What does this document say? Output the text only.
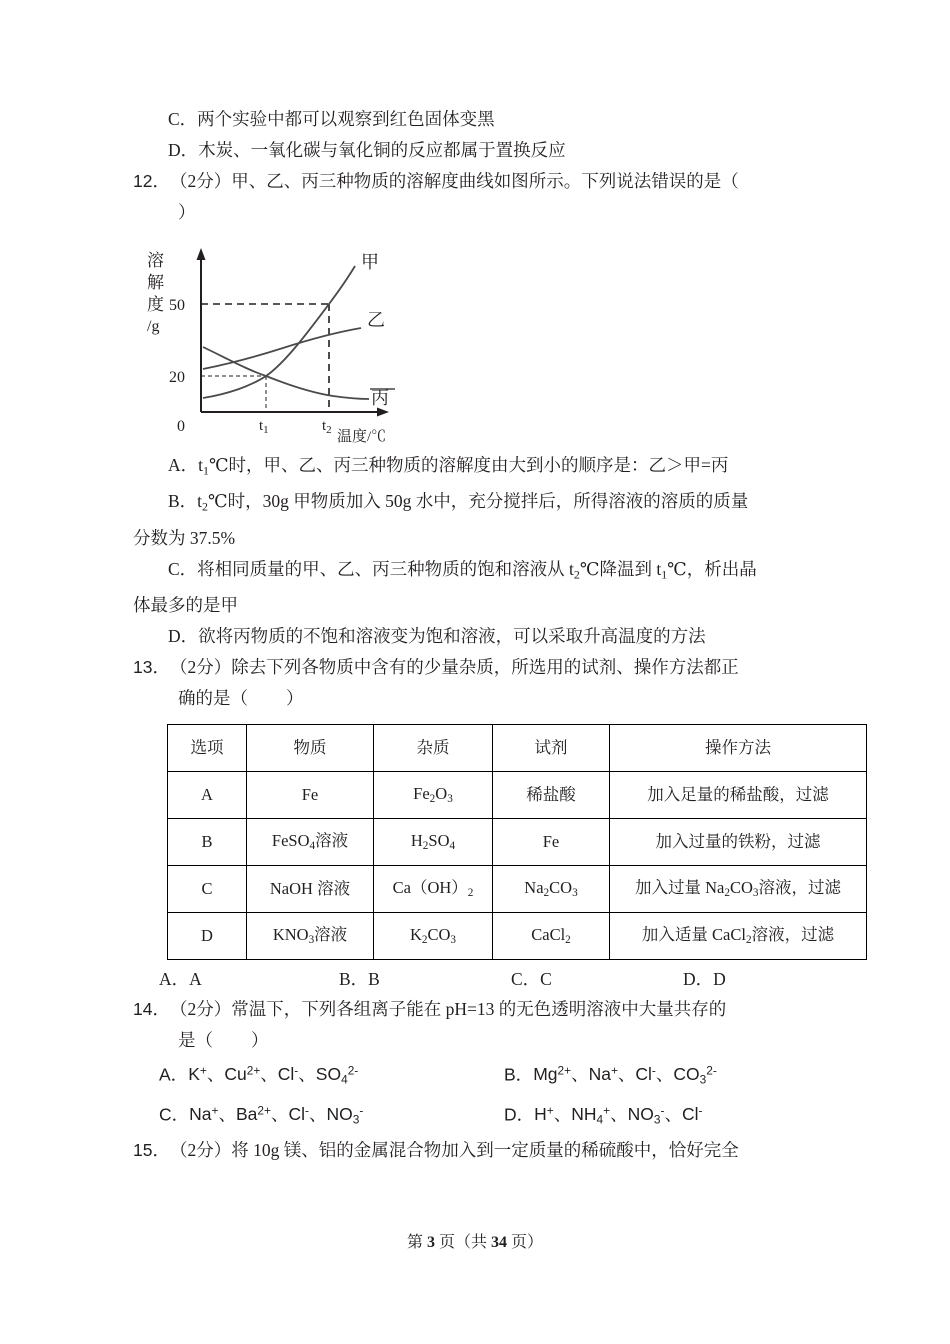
C．两个实验中都可以观察到红色固体变黑
D．木炭、一氧化碳与氧化铜的反应都属于置换反应
12．（2分）甲、乙、丙三种物质的溶解度曲线如图所示。下列说法错误的是（
）
溶
解
度
/g
50
20
0
甲
乙
丙
$t_1$	$t_2$ 温度/℃
A．$t_1℃$时，甲、乙、丙三种物质的溶解度由大到小的顺序是：乙＞甲=丙
B．$t_2℃$时，30g 甲物质加入 50g 水中，充分搅拌后，所得溶液的溶质的质量
分数为 37.5%
C．将相同质量的甲、乙、丙三种物质的饱和溶液从 $t_2℃$降温到 $t_1℃$，析出晶
体最多的是甲
D．欲将丙物质的不饱和溶液变为饱和溶液，可以采取升高温度的方法
13．（2分）除去下列各物质中含有的少量杂质，所选用的试剂、操作方法都正
确的是（ ）
选项	物质	杂质	试剂	操作方法
A	Fe	$Fe_2O_3$	稀盐酸	加入足量的稀盐酸，过滤
B	FeSO$_4$溶液	$H_2SO_4$	Fe	加入过量的铁粉，过滤
C	NaOH 溶液	$Ca(OH)_2$	$Na_2CO_3$	加入过量 $Na_2CO_3$溶液，过滤
D	$KNO_3$溶液	$K_2CO_3$	CaCl$_2$	加入适量 CaCl$_2$溶液，过滤
A．A	B．B	C．C	D．D
14．（2分）常温下，下列各组离子能在 pH=13 的无色透明溶液中大量共存的
是（ ）
A．K+、$Cu^{2+}$、Cl-、$SO_4^{2-}$	B．$Mg^{2+}$、Na+、Cl-、$CO_3^{2-}$
C．Na+、$Ba^{2+}$、Cl-、$NO_3^-$	D．H+、$NH_4^+$、$NO_3^-$、Cl-
15．（2分）将 10g 镁、铝的金属混合物加入到一定质量的稀硫酸中，恰好完全
第 3 页（共 34 页）
